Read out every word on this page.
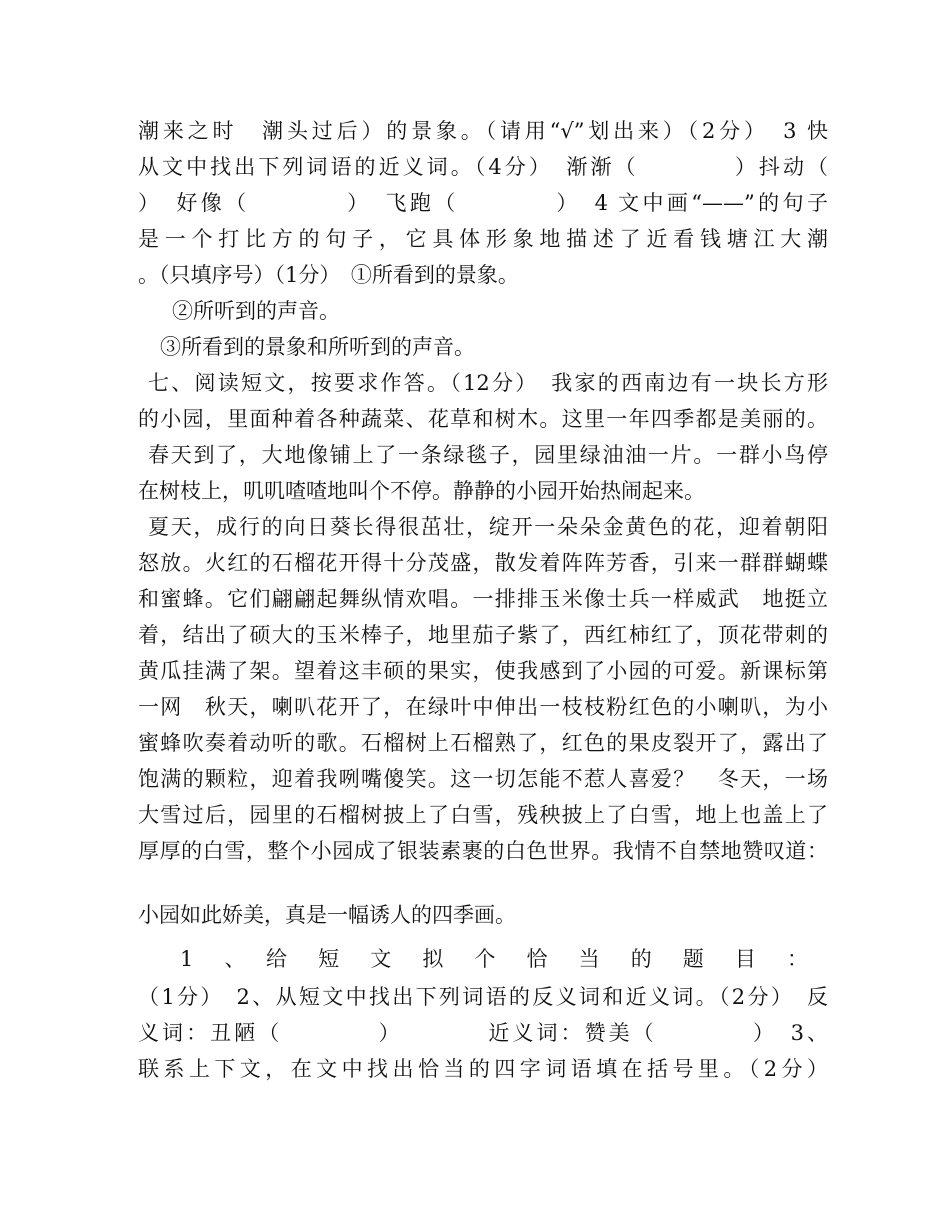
潮来之时　潮头过后）的景象。（请用“√”划出来）（2分）　3 快
从文中找出下列词语的近义词。（4分）　渐渐（　　　　）抖动（
）　好像（　　　　）　飞跑（　　　　）　4 文中画“——”的句子
是一个打比方的句子，它具体形象地描述了近看钱塘江大潮
。（只填序号）（1分）　①所看到的景象。
②所听到的声音。
③所看到的景象和所听到的声音。
七、阅读短文，按要求作答。（12分）　我家的西南边有一块长方形
的小园，里面种着各种蔬菜、花草和树木。这里一年四季都是美丽的。
春天到了，大地像铺上了一条绿毯子，园里绿油油一片。一群小鸟停
在树枝上，叽叽喳喳地叫个不停。静静的小园开始热闹起来。
夏天，成行的向日葵长得很茁壮，绽开一朵朵金黄色的花，迎着朝阳
怒放。火红的石榴花开得十分茂盛，散发着阵阵芳香，引来一群群蝴蝶
和蜜蜂。它们翩翩起舞纵情欢唱。一排排玉米像士兵一样威武　地挺立
着，结出了硕大的玉米棒子，地里茄子紫了，西红柿红了，顶花带刺的
黄瓜挂满了架。望着这丰硕的果实，使我感到了小园的可爱。新课标第
一网　秋天，喇叭花开了，在绿叶中伸出一枝枝粉红色的小喇叭，为小
蜜蜂吹奏着动听的歌。石榴树上石榴熟了，红色的果皮裂开了，露出了
饱满的颗粒，迎着我咧嘴傻笑。这一切怎能不惹人喜爱？　冬天，一场
大雪过后，园里的石榴树披上了白雪，残秧披上了白雪，地上也盖上了
厚厚的白雪，整个小园成了银装素裹的白色世界。我情不自禁地赞叹道：
小园如此娇美，真是一幅诱人的四季画。
1　、　给　短　文　拟　个　恰　当　的　题　目　：
（1分）　2、从短文中找出下列词语的反义词和近义词。（2分）　反
义词：丑陋（　　　　）　　　　近义词：赞美（　　　　）　3、
联系上下文，在文中找出恰当的四字词语填在括号里。（2分）
